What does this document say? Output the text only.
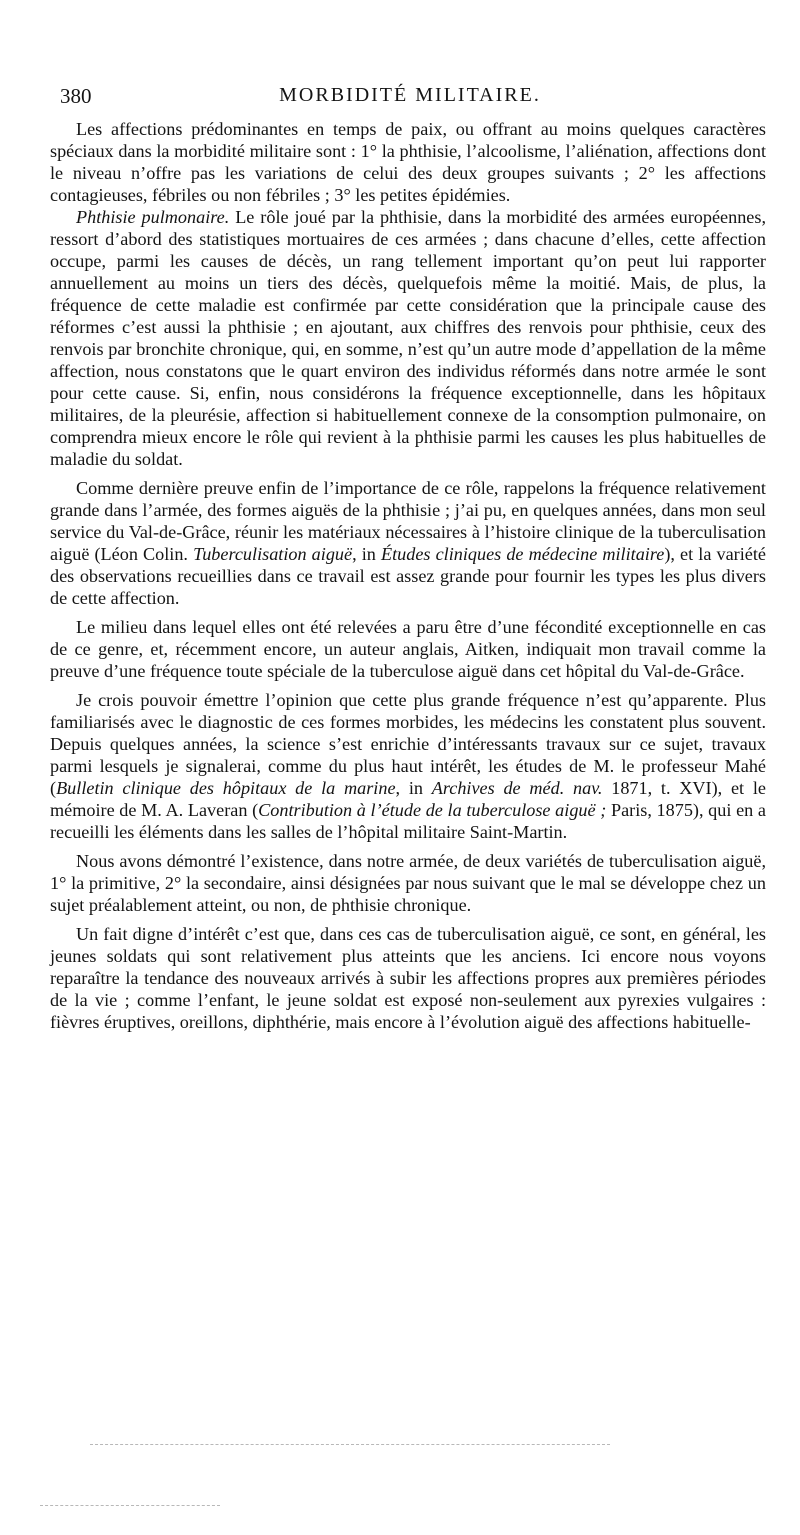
380	MORBIDITÉ MILITAIRE.

Les affections prédominantes en temps de paix, ou offrant au moins quelques caractères spéciaux dans la morbidité militaire sont : 1° la phthisie, l’alcoolisme, l’aliénation, affections dont le niveau n’offre pas les variations de celui des deux groupes suivants ; 2° les affections contagieuses, fébriles ou non fébriles ; 3° les petites épidémies.

Phthisie pulmonaire. Le rôle joué par la phthisie, dans la morbidité des armées européennes, ressort d’abord des statistiques mortuaires de ces armées ; dans chacune d’elles, cette affection occupe, parmi les causes de décès, un rang tellement important qu’on peut lui rapporter annuellement au moins un tiers des décès, quelquefois même la moitié. Mais, de plus, la fréquence de cette maladie est confirmée par cette considération que la principale cause des réformes c’est aussi la phthisie ; en ajoutant, aux chiffres des renvois pour phthisie, ceux des renvois par bronchite chronique, qui, en somme, n’est qu’un autre mode d’appellation de la même affection, nous constatons que le quart environ des individus réformés dans notre armée le sont pour cette cause. Si, enfin, nous considérons la fréquence exceptionnelle, dans les hôpitaux militaires, de la pleurésie, affection si habituellement connexe de la consomption pulmonaire, on comprendra mieux encore le rôle qui revient à la phthisie parmi les causes les plus habituelles de maladie du soldat.

Comme dernière preuve enfin de l’importance de ce rôle, rappelons la fréquence relativement grande dans l’armée, des formes aiguës de la phthisie ; j’ai pu, en quelques années, dans mon seul service du Val-de-Grâce, réunir les matériaux nécessaires à l’histoire clinique de la tuberculisation aiguë (Léon Colin. Tuberculisation aiguë, in Études cliniques de médecine militaire), et la variété des observations recueillies dans ce travail est assez grande pour fournir les types les plus divers de cette affection.

Le milieu dans lequel elles ont été relevées a paru être d’une fécondité exceptionnelle en cas de ce genre, et, récemment encore, un auteur anglais, Aitken, indiquait mon travail comme la preuve d’une fréquence toute spéciale de la tuberculose aiguë dans cet hôpital du Val-de-Grâce.

Je crois pouvoir émettre l’opinion que cette plus grande fréquence n’est qu’apparente. Plus familiarisés avec le diagnostic de ces formes morbides, les médecins les constatent plus souvent. Depuis quelques années, la science s’est enrichie d’intéressants travaux sur ce sujet, travaux parmi lesquels je signalerai, comme du plus haut intérêt, les études de M. le professeur Mahé (Bulletin clinique des hôpitaux de la marine, in Archives de méd. nav. 1871, t. XVI), et le mémoire de M. A. Laveran (Contribution à l’étude de la tuberculose aiguë ; Paris, 1875), qui en a recueilli les éléments dans les salles de l’hôpital militaire Saint-Martin.

Nous avons démontré l’existence, dans notre armée, de deux variétés de tuberculisation aiguë, 1° la primitive, 2° la secondaire, ainsi désignées par nous suivant que le mal se développe chez un sujet préalablement atteint, ou non, de phthisie chronique.

Un fait digne d’intérêt c’est que, dans ces cas de tuberculisation aiguë, ce sont, en général, les jeunes soldats qui sont relativement plus atteints que les anciens. Ici encore nous voyons reparaître la tendance des nouveaux arrivés à subir les affections propres aux premières périodes de la vie ; comme l’enfant, le jeune soldat est exposé non-seulement aux pyrexies vulgaires : fièvres éruptives, oreillons, diphthérie, mais encore à l’évolution aiguë des affections habituelle-
